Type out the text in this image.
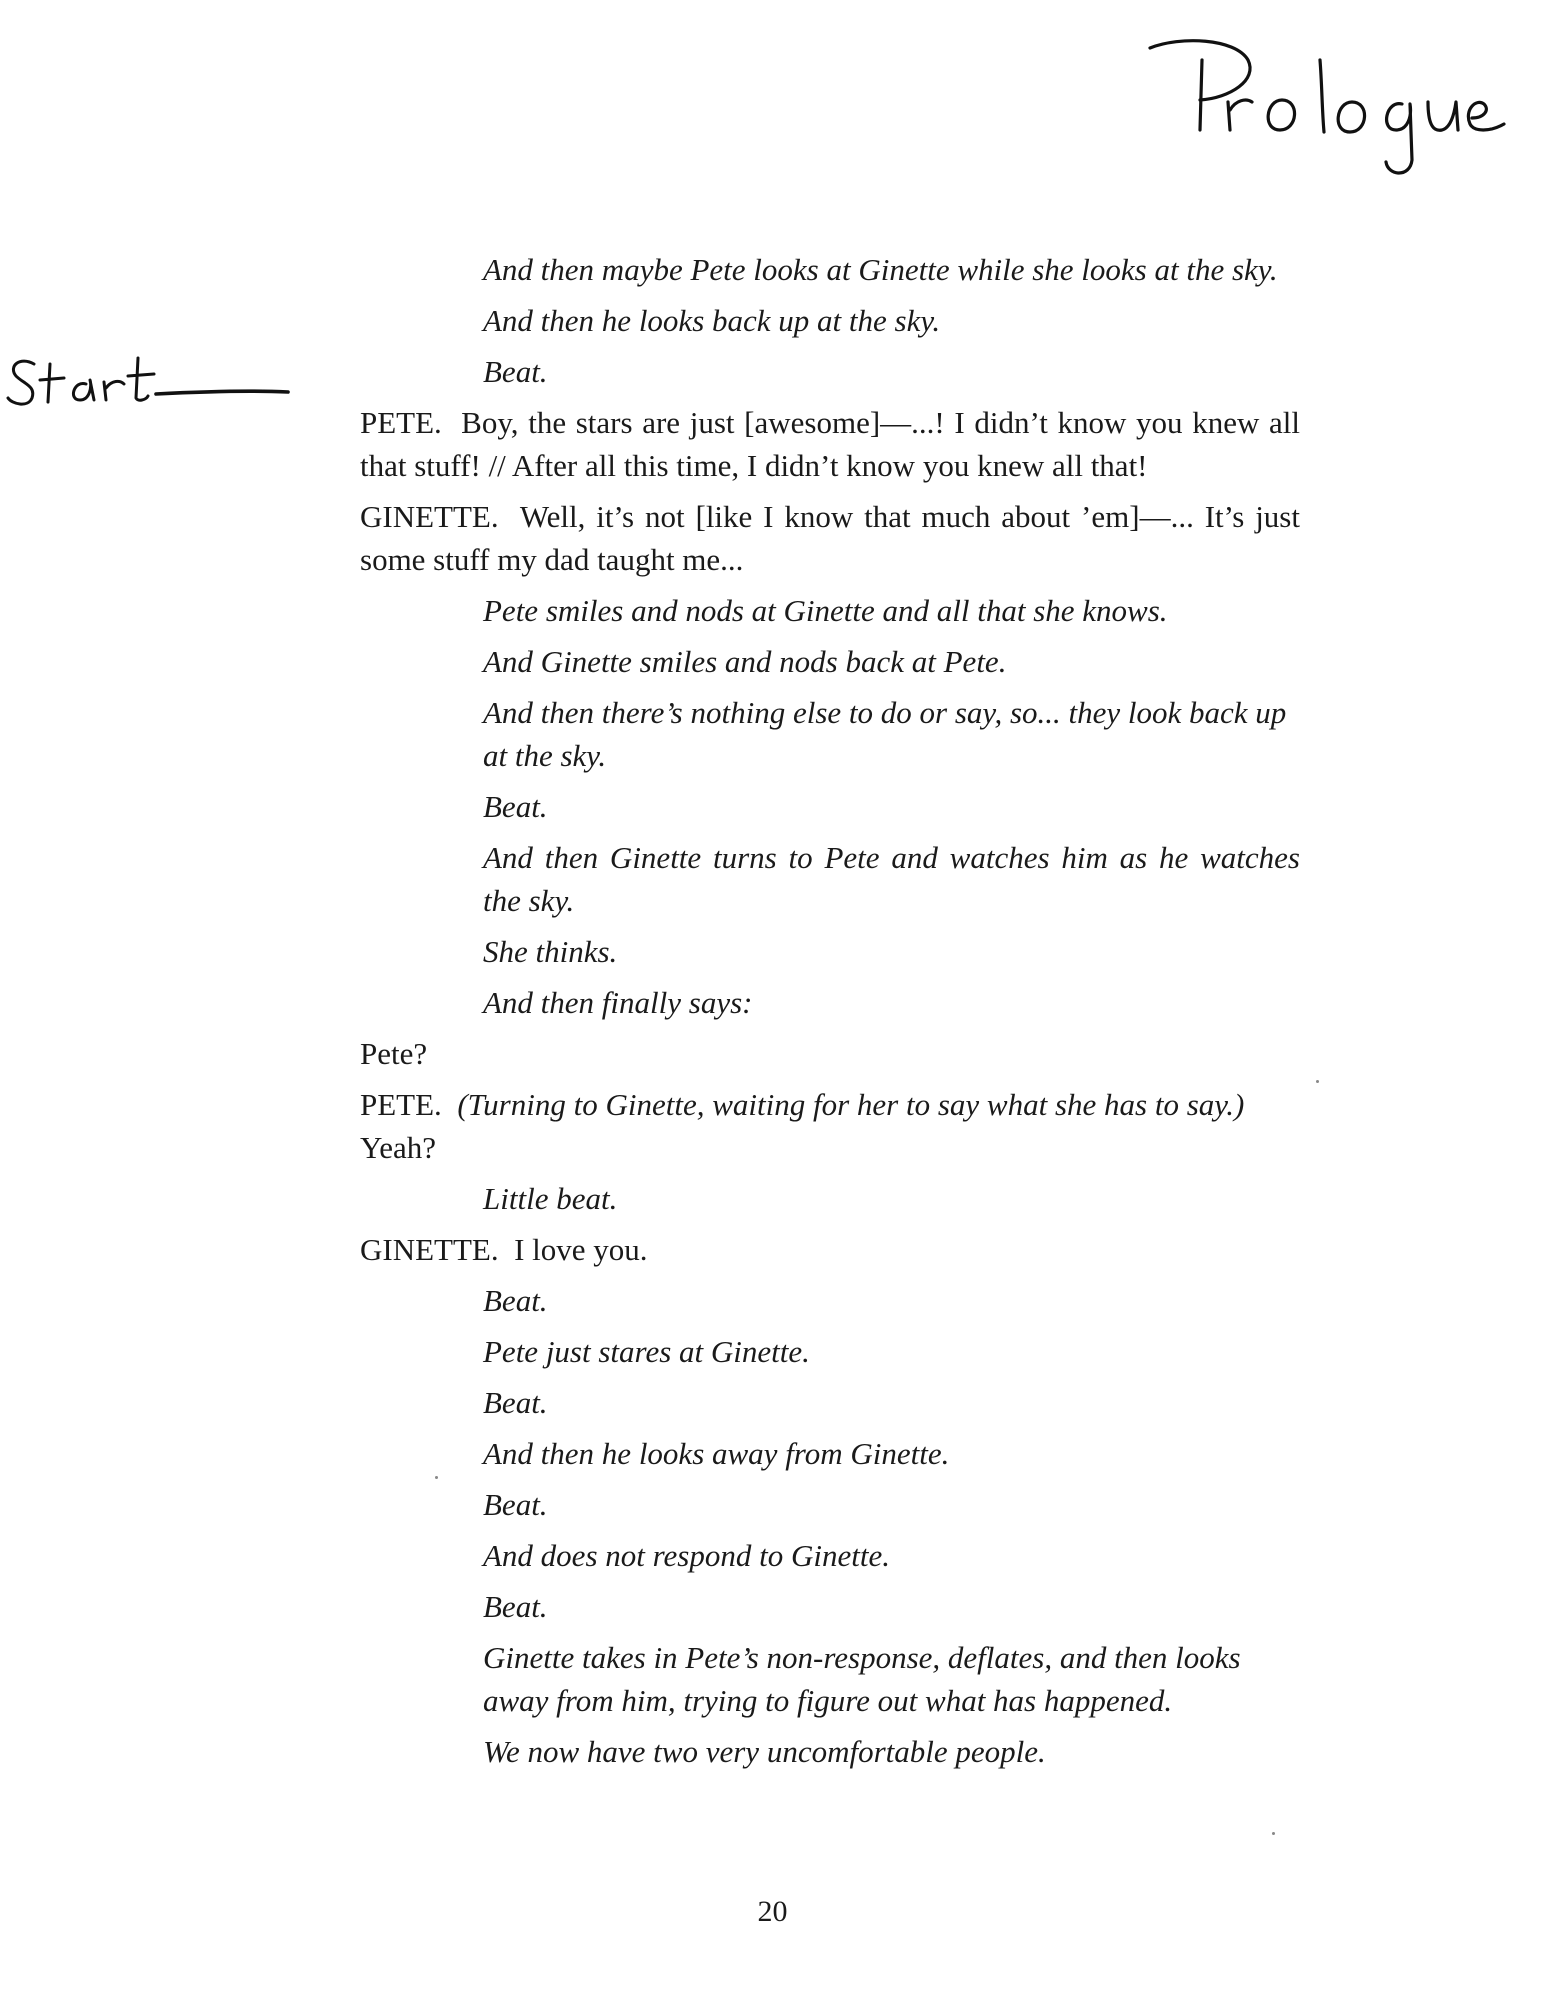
And then maybe Pete looks at Ginette while she looks at the sky.

And then he looks back up at the sky.

Beat.

PETE. Boy, the stars are just [awesome]—...! I didn’t know you knew all that stuff! // After all this time, I didn’t know you knew all that!

GINETTE. Well, it’s not [like I know that much about ’em]—... It’s just some stuff my dad taught me...

Pete smiles and nods at Ginette and all that she knows.

And Ginette smiles and nods back at Pete.

And then there’s nothing else to do or say, so... they look back up at the sky.

Beat.

And then Ginette turns to Pete and watches him as he watches the sky.

She thinks.

And then finally says:

Pete?

PETE. (Turning to Ginette, waiting for her to say what she has to say.)
Yeah?

Little beat.

GINETTE. I love you.

Beat.

Pete just stares at Ginette.

Beat.

And then he looks away from Ginette.

Beat.

And does not respond to Ginette.

Beat.

Ginette takes in Pete’s non-response, deflates, and then looks away from him, trying to figure out what has happened.

We now have two very uncomfortable people.

20
